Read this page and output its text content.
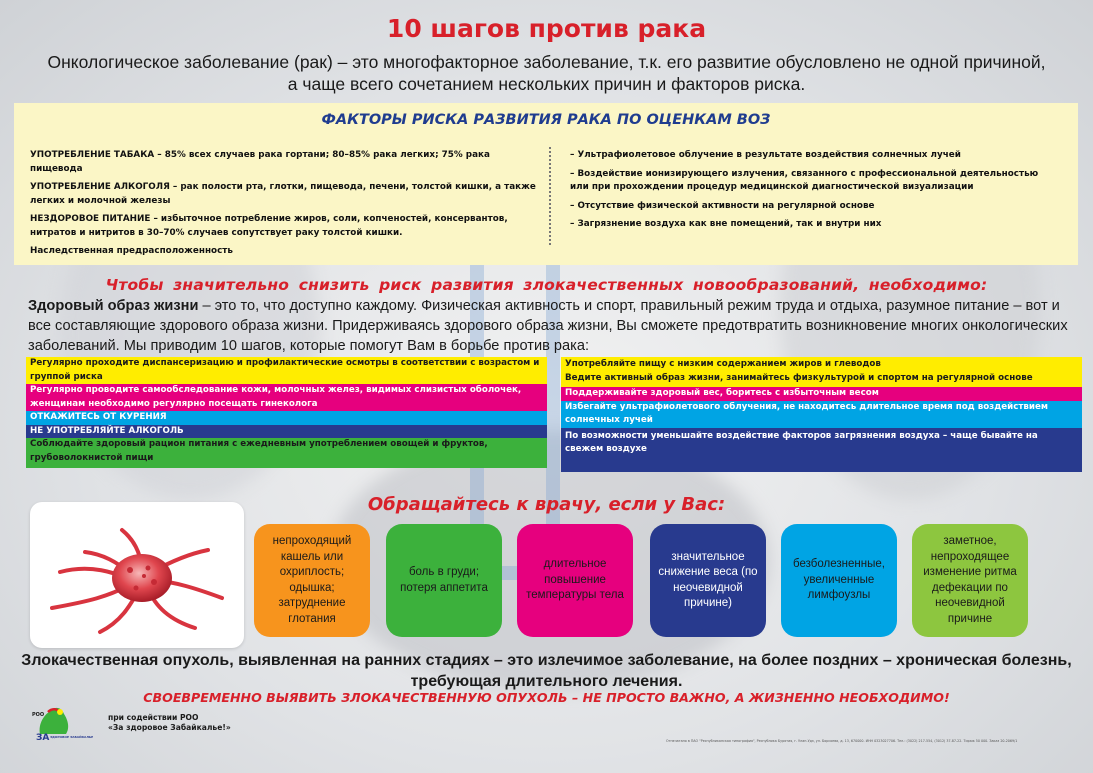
10 шагов против рака
Онкологическое заболевание (рак) – это многофакторное заболевание, т.к. его развитие обусловлено не одной причиной,
а чаще всего сочетанием нескольких причин и факторов риска.
ФАКТОРЫ РИСКА РАЗВИТИЯ РАКА ПО ОЦЕНКАМ ВОЗ

УПОТРЕБЛЕНИЕ ТАБАКА – 85% всех случаев рака гортани; 80–85% рака легких; 75% рака пищевода

УПОТРЕБЛЕНИЕ АЛКОГОЛЯ – рак полости рта, глотки, пищевода, печени, толстой кишки, а также легких и молочной железы

НЕЗДОРОВОЕ ПИТАНИЕ – избыточное потребление жиров, соли, копченостей, консервантов, нитратов и нитритов в 30–70% случаев сопутствует раку толстой кишки.

Наследственная предрасположенность

– Ультрафиолетовое облучение в результате воздействия солнечных лучей

– Воздействие ионизирующего излучения, связанного с профессиональной деятельностью или при прохождении процедур медицинской диагностической визуализации

– Отсутствие физической активности на регулярной основе

– Загрязнение воздуха как вне помещений, так и внутри них

Чтобы значительно снизить риск развития злокачественных новообразований, необходимо:
Здоровый образ жизни – это то, что доступно каждому. Физическая активность и спорт, правильный режим труда и отдыха, разумное питание – вот и все составляющие здорового образа жизни. Придерживаясь здорового образа жизни, Вы сможете предотвратить возникновение многих онкологических заболеваний. Мы приводим 10 шагов, которые помогут Вам в борьбе против рака:
Регулярно проходите диспансеризацию и профилактические осмотры в соответствии с возрастом и группой риска
Регулярно проводите самообследование кожи, молочных желез, видимых слизистых оболочек, женщинам необходимо регулярно посещать гинеколога
ОТКАЖИТЕСЬ ОТ КУРЕНИЯ
НЕ УПОТРЕБЛЯЙТЕ АЛКОГОЛЬ
Соблюдайте здоровый рацион питания с ежедневным употреблением овощей и фруктов, грубоволокнистой пищи
Употребляйте пищу с низким содержанием жиров и глеводов
Ведите активный образ жизни, занимайтесь физкультурой и спортом на регулярной основе
Поддерживайте здоровый вес, боритесь с избыточным весом
Избегайте ультрафиолетового облучения, не находитесь длительное время под воздействием солнечных лучей
По возможности уменьшайте воздействие факторов загрязнения воздуха – чаще бывайте на свежем воздухе
Обращайтесь к врачу, если у Вас:
непроходящий кашель или охриплость; одышка; затруднение глотания
боль в груди; потеря аппетита
длительное повышение температуры тела
значительное снижение веса (по неочевидной причине)
безболезненные, увеличенные лимфоузлы
заметное, непроходящее изменение ритма дефекации по неочевидной причине
Злокачественная опухоль, выявленная на ранних стадиях – это излечимое заболевание, на более поздних – хроническая болезнь,
требующая длительного лечения.
СВОЕВРЕМЕННО ВЫЯВИТЬ ЗЛОКАЧЕСТВЕННУЮ ОПУХОЛЬ – НЕ ПРОСТО ВАЖНО, А ЖИЗНЕННО НЕОБХОДИМО!
РОО
ЗА ЗДОРОВОЕ ЗАБАЙКАЛЬЕ
при содействии РОО
«За здоровое Забайкалье!»
Отпечатано в ПАО "Республиканская типография", Республика Бурятия, г. Улан-Удэ, ул. Борсоева, д. 13, 670000. ИНН 0323027706. Тел.: (3022) 217-554, (3012) 37-87-22. Тираж 50 000. Заказ 20-2069/1
